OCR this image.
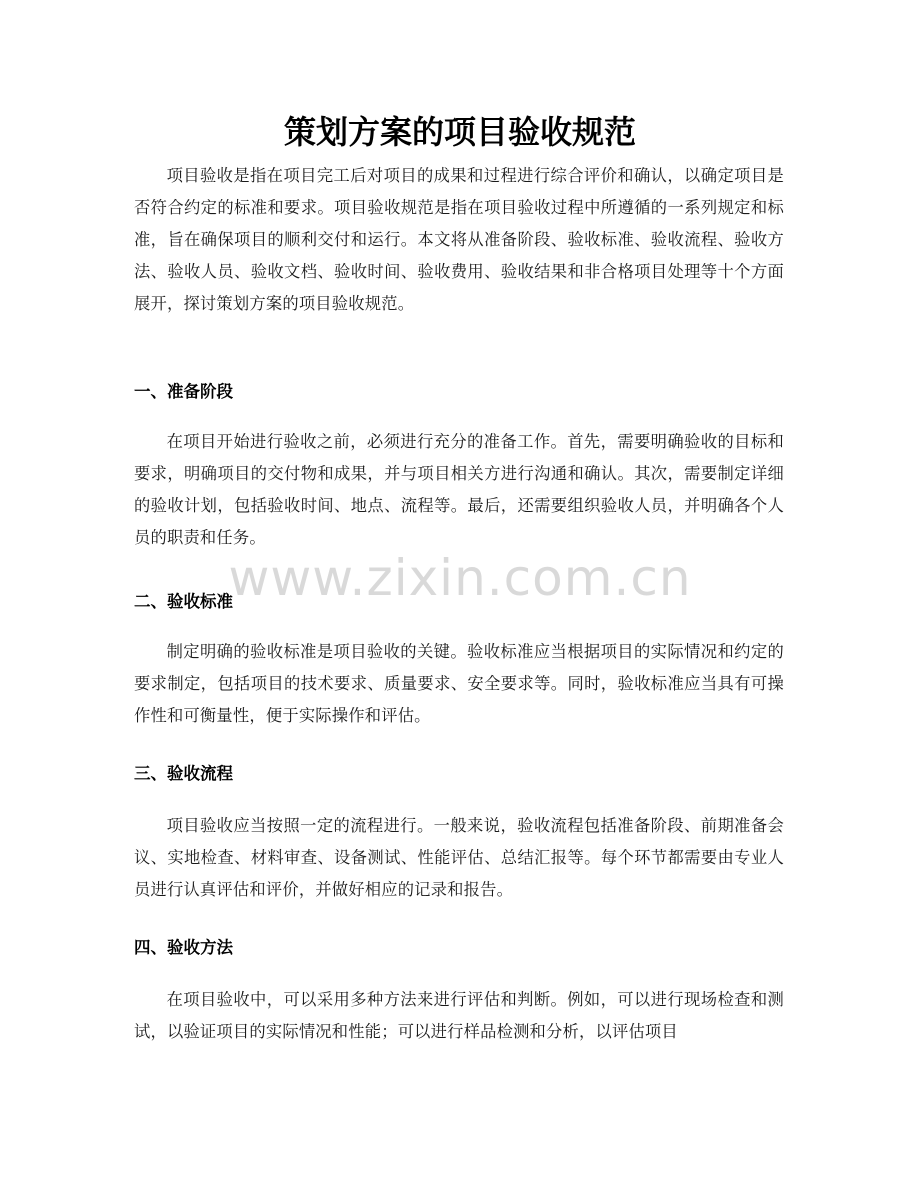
策划方案的项目验收规范

项目验收是指在项目完工后对项目的成果和过程进行综合评价和确认，以确定项目是否符合约定的标准和要求。项目验收规范是指在项目验收过程中所遵循的一系列规定和标准，旨在确保项目的顺利交付和运行。本文将从准备阶段、验收标准、验收流程、验收方法、验收人员、验收文档、验收时间、验收费用、验收结果和非合格项目处理等十个方面展开，探讨策划方案的项目验收规范。

一、准备阶段

在项目开始进行验收之前，必须进行充分的准备工作。首先，需要明确验收的目标和要求，明确项目的交付物和成果，并与项目相关方进行沟通和确认。其次，需要制定详细的验收计划，包括验收时间、地点、流程等。最后，还需要组织验收人员，并明确各个人员的职责和任务。

二、验收标准

制定明确的验收标准是项目验收的关键。验收标准应当根据项目的实际情况和约定的要求制定，包括项目的技术要求、质量要求、安全要求等。同时，验收标准应当具有可操作性和可衡量性，便于实际操作和评估。

三、验收流程

项目验收应当按照一定的流程进行。一般来说，验收流程包括准备阶段、前期准备会议、实地检查、材料审查、设备测试、性能评估、总结汇报等。每个环节都需要由专业人员进行认真评估和评价，并做好相应的记录和报告。

四、验收方法

在项目验收中，可以采用多种方法来进行评估和判断。例如，可以进行现场检查和测试，以验证项目的实际情况和性能；可以进行样品检测和分析，以评估项目

www.zixin.com.cn
